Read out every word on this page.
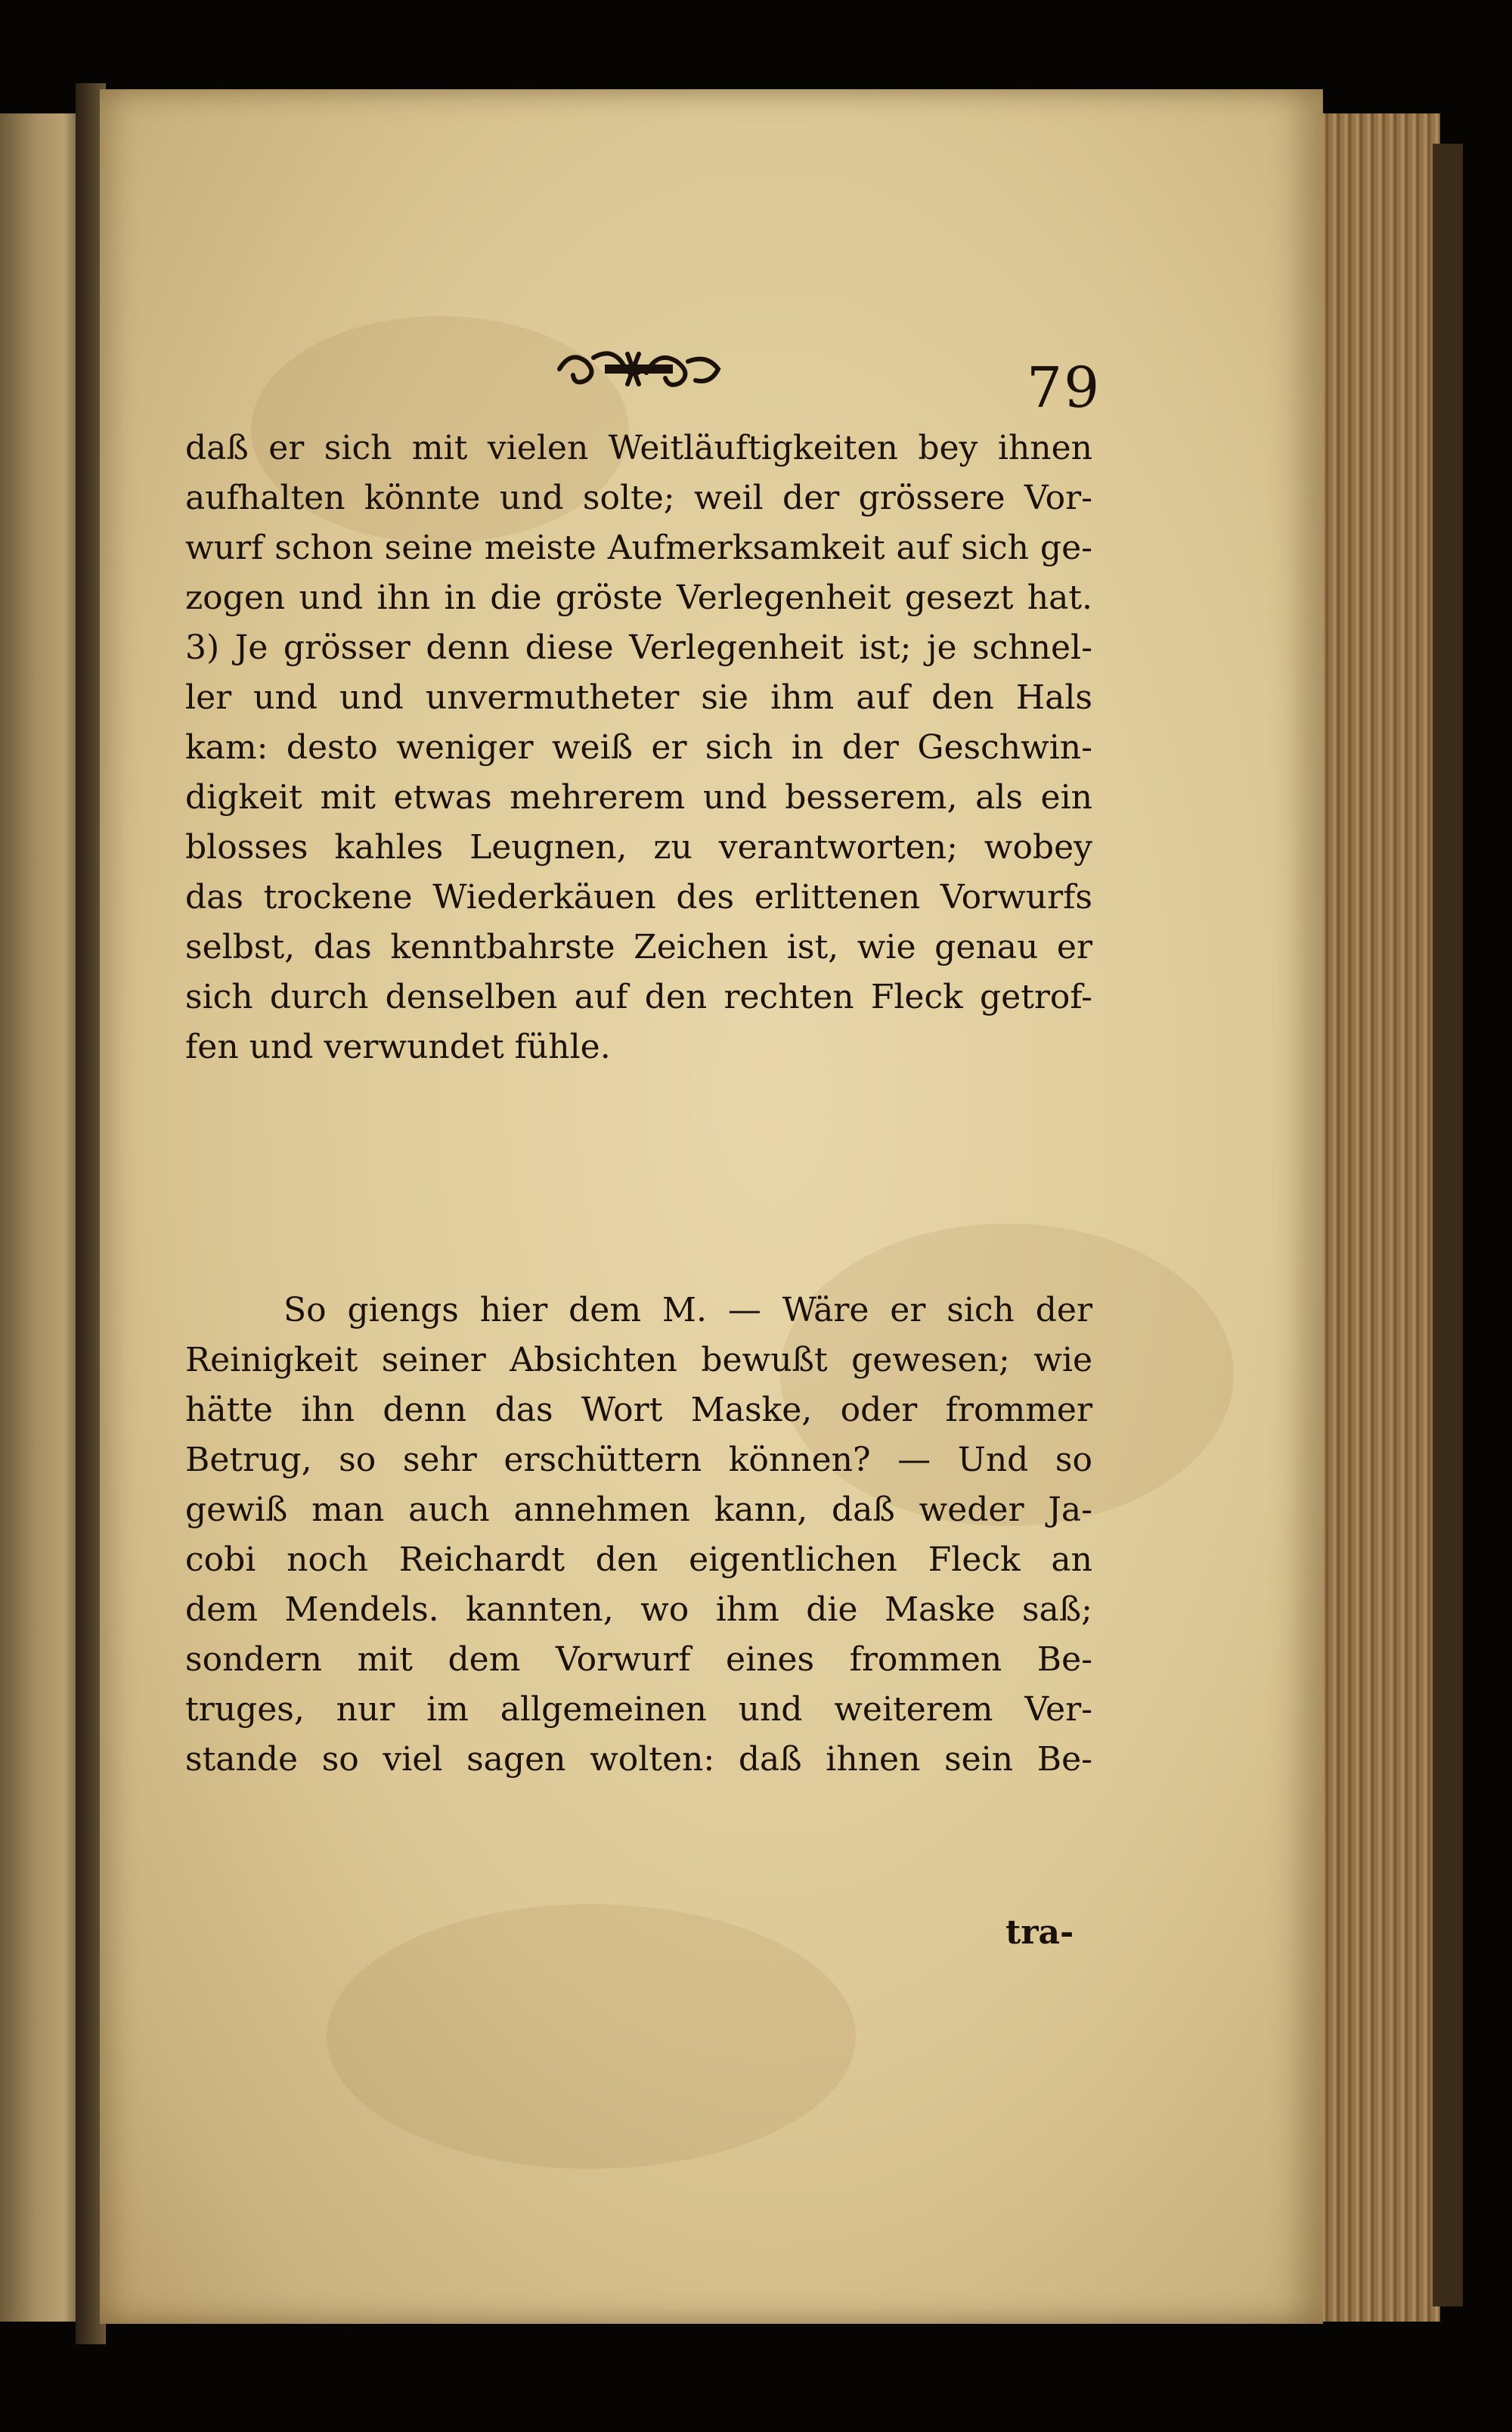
79
daß er sich mit vielen Weitläuftigkeiten bey ihnen
aufhalten könnte und solte; weil der grössere Vor-
wurf schon seine meiste Aufmerksamkeit auf sich ge-
zogen und ihn in die gröste Verlegenheit gesezt hat.
3) Je grösser denn diese Verlegenheit ist; je schnel-
ler und und unvermutheter sie ihm auf den Hals
kam: desto weniger weiß er sich in der Geschwin-
digkeit mit etwas mehrerem und besserem, als ein
blosses kahles Leugnen, zu verantworten; wobey
das trockene Wiederkäuen des erlittenen Vorwurfs
selbst, das kenntbahrste Zeichen ist, wie genau er
sich durch denselben auf den rechten Fleck getrof-
fen und verwundet fühle.
So giengs hier dem M. — Wäre er sich der
Reinigkeit seiner Absichten bewußt gewesen; wie
hätte ihn denn das Wort Maske, oder frommer
Betrug, so sehr erschüttern können? — Und so
gewiß man auch annehmen kann, daß weder Ja-
cobi noch Reichardt den eigentlichen Fleck an
dem Mendels. kannten, wo ihm die Maske saß;
sondern mit dem Vorwurf eines frommen Be-
truges, nur im allgemeinen und weiterem Ver-
stande so viel sagen wolten: daß ihnen sein Be-
tra-
